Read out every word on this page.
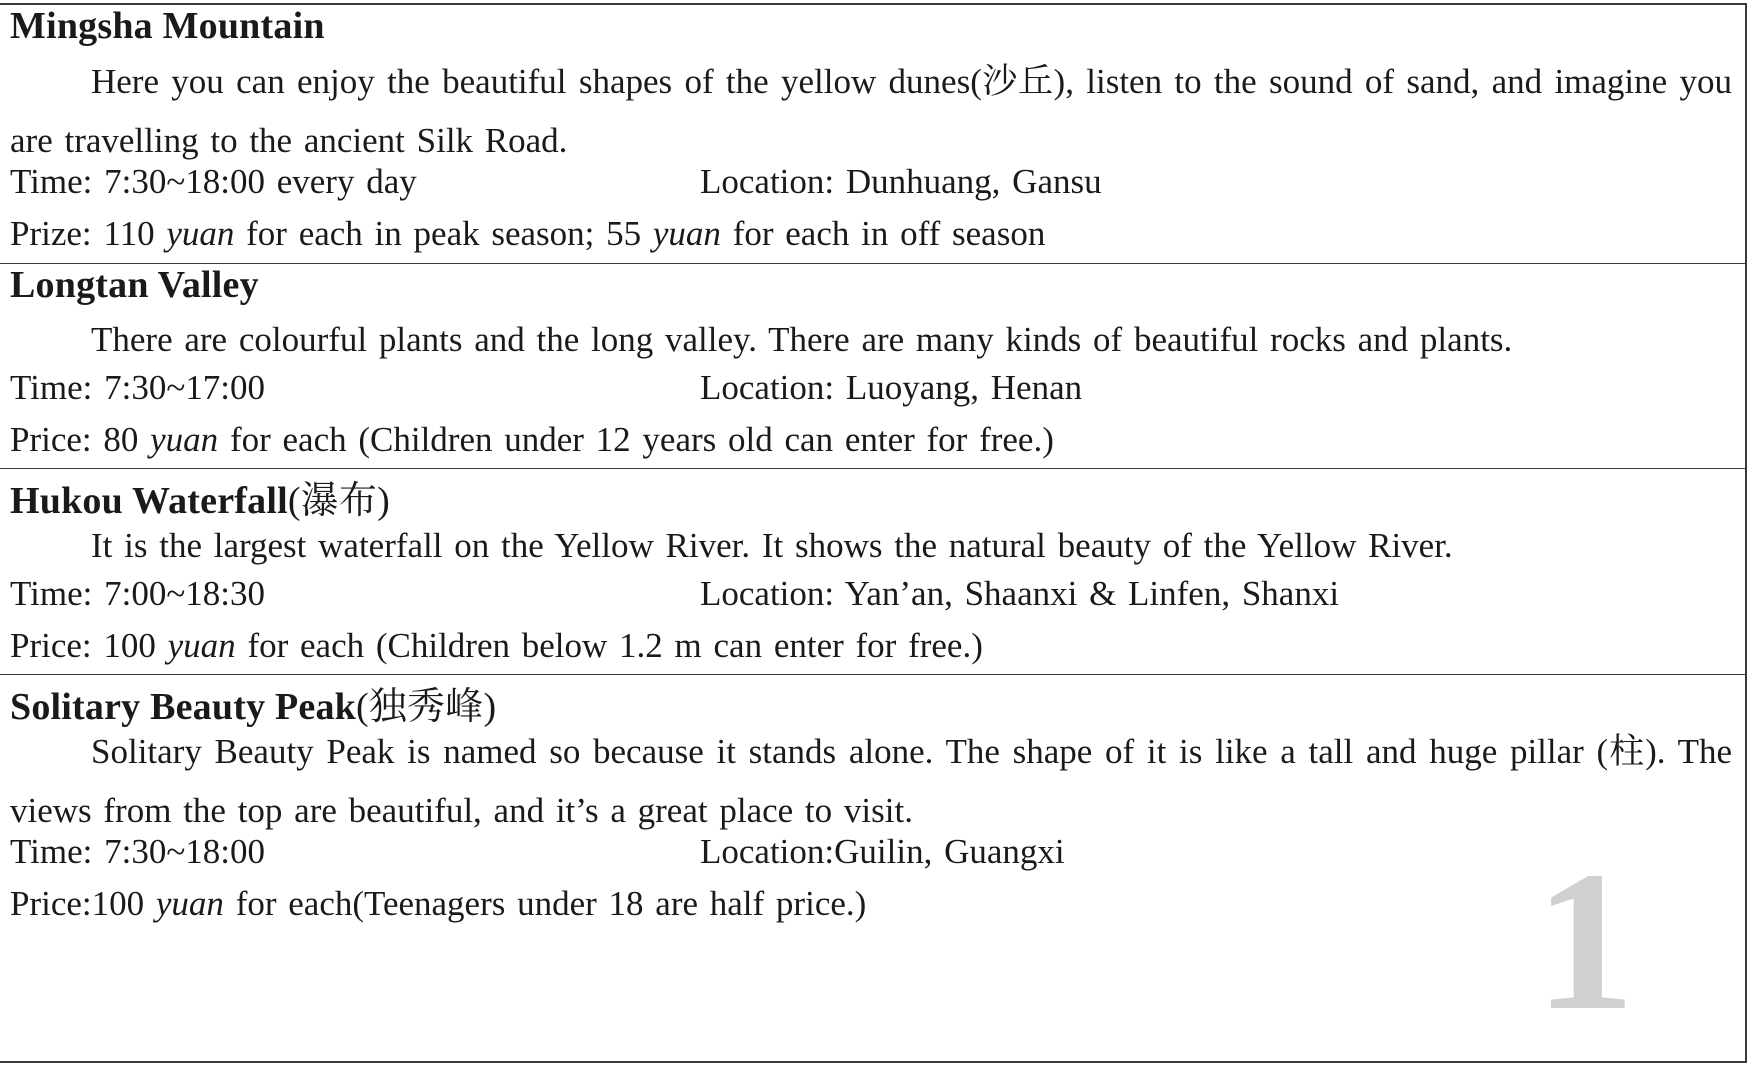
Mingsha Mountain
Here you can enjoy the beautiful shapes of the yellow dunes(沙丘), listen to the sound of sand, and imagine you are travelling to the ancient Silk Road.
Time: 7:30~18:00 every day	Location: Dunhuang, Gansu
Prize: 110 yuan for each in peak season; 55 yuan for each in off season
Longtan Valley
There are colourful plants and the long valley. There are many kinds of beautiful rocks and plants.
Time: 7:30~17:00	Location: Luoyang, Henan
Price: 80 yuan for each (Children under 12 years old can enter for free.)
Hukou Waterfall(瀑布)
It is the largest waterfall on the Yellow River. It shows the natural beauty of the Yellow River.
Time: 7:00~18:30	Location: Yan’an, Shaanxi & Linfen, Shanxi
Price: 100 yuan for each (Children below 1.2 m can enter for free.)
Solitary Beauty Peak(独秀峰)
Solitary Beauty Peak is named so because it stands alone. The shape of it is like a tall and huge pillar (柱). The views from the top are beautiful, and it’s a great place to visit.
Time: 7:30~18:00	Location:Guilin, Guangxi
Price:100 yuan for each(Teenagers under 18 are half price.)	1
